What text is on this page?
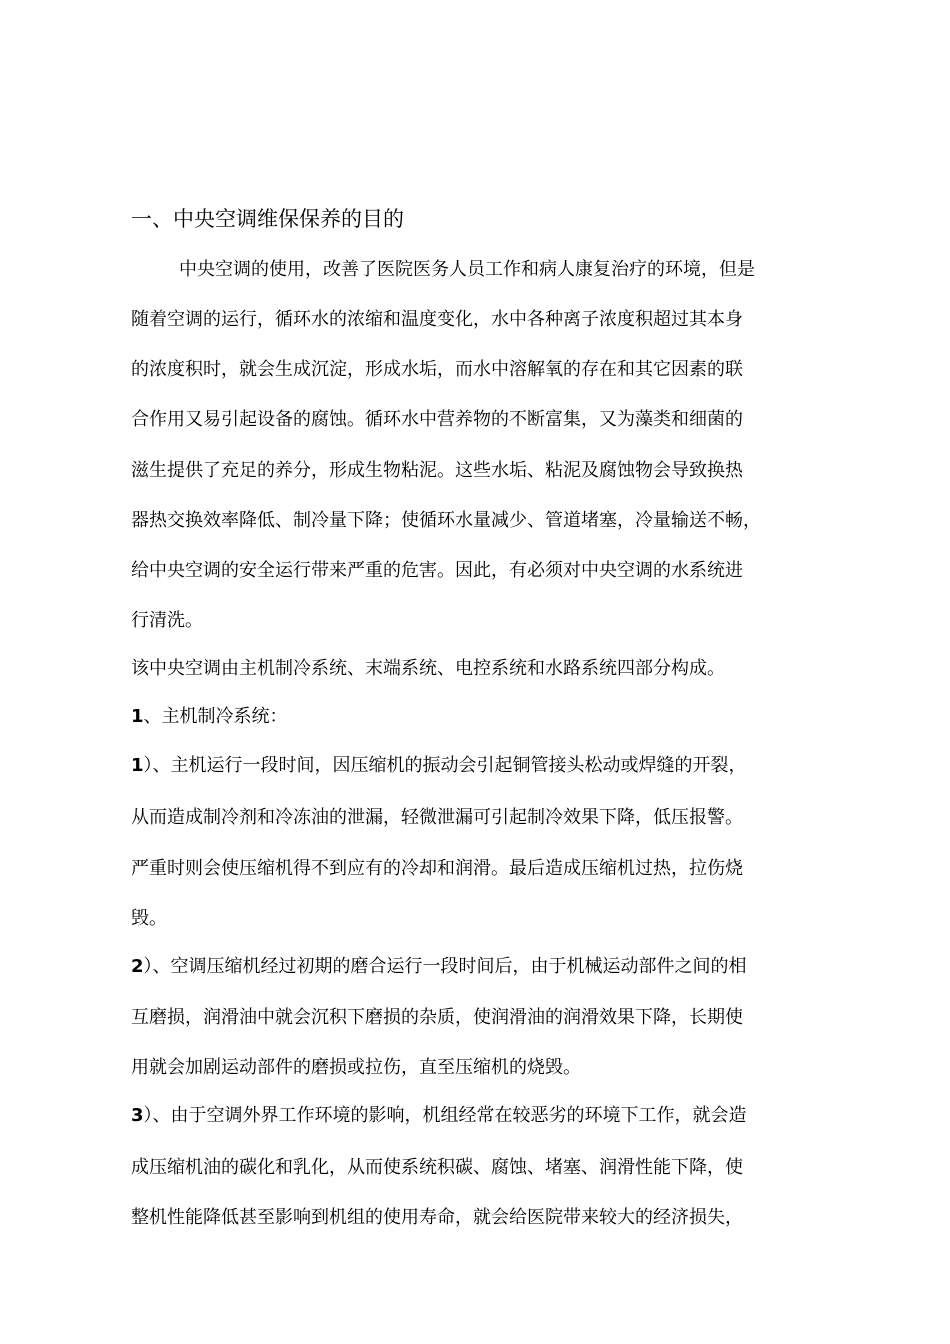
一、中央空调维保保养的目的
中央空调的使用，改善了医院医务人员工作和病人康复治疗的环境，但是
随着空调的运行，循环水的浓缩和温度变化，水中各种离子浓度积超过其本身
的浓度积时，就会生成沉淀，形成水垢，而水中溶解氧的存在和其它因素的联
合作用又易引起设备的腐蚀。循环水中营养物的不断富集，又为藻类和细菌的
滋生提供了充足的养分，形成生物粘泥。这些水垢、粘泥及腐蚀物会导致换热
器热交换效率降低、制冷量下降；使循环水量减少、管道堵塞，冷量输送不畅，
给中央空调的安全运行带来严重的危害。因此，有必须对中央空调的水系统进
行清洗。
该中央空调由主机制冷系统、末端系统、电控系统和水路系统四部分构成。
1、主机制冷系统：
1）、主机运行一段时间，因压缩机的振动会引起铜管接头松动或焊缝的开裂，
从而造成制冷剂和冷冻油的泄漏，轻微泄漏可引起制冷效果下降，低压报警。
严重时则会使压缩机得不到应有的冷却和润滑。最后造成压缩机过热，拉伤烧
毁。
2）、空调压缩机经过初期的磨合运行一段时间后，由于机械运动部件之间的相
互磨损，润滑油中就会沉积下磨损的杂质，使润滑油的润滑效果下降，长期使
用就会加剧运动部件的磨损或拉伤，直至压缩机的烧毁。
3）、由于空调外界工作环境的影响，机组经常在较恶劣的环境下工作，就会造
成压缩机油的碳化和乳化，从而使系统积碳、腐蚀、堵塞、润滑性能下降，使
整机性能降低甚至影响到机组的使用寿命，就会给医院带来较大的经济损失，
